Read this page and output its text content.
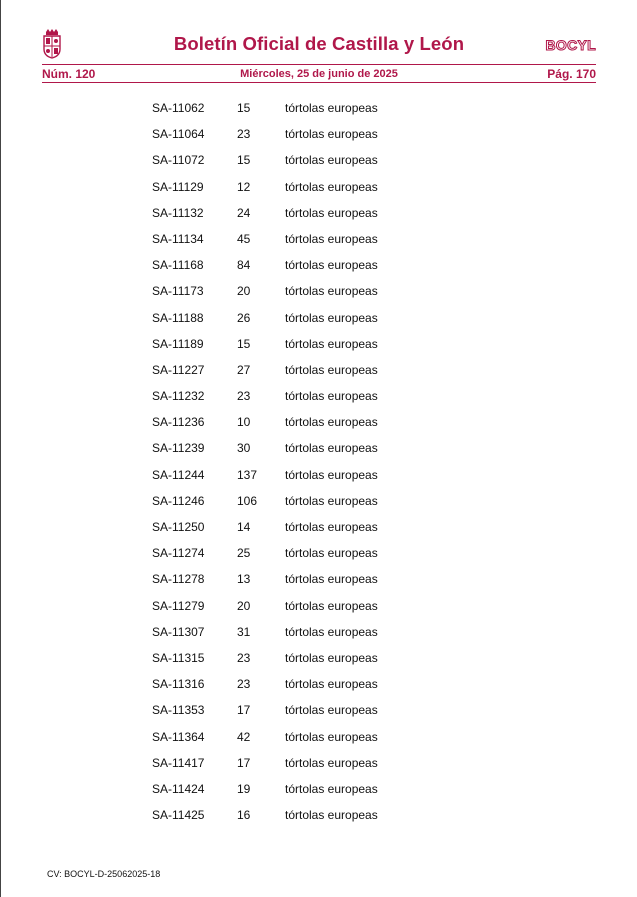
Boletín Oficial de Castilla y León	BOCYL
Núm. 120	Miércoles, 25 de junio de 2025	Pág. 170
SA-11062	15	tórtolas europeas
SA-11064	23	tórtolas europeas
SA-11072	15	tórtolas europeas
SA-11129	12	tórtolas europeas
SA-11132	24	tórtolas europeas
SA-11134	45	tórtolas europeas
SA-11168	84	tórtolas europeas
SA-11173	20	tórtolas europeas
SA-11188	26	tórtolas europeas
SA-11189	15	tórtolas europeas
SA-11227	27	tórtolas europeas
SA-11232	23	tórtolas europeas
SA-11236	10	tórtolas europeas
SA-11239	30	tórtolas europeas
SA-11244	137 tórtolas europeas
SA-11246	106 tórtolas europeas
SA-11250	14	tórtolas europeas
SA-11274	25	tórtolas europeas
SA-11278	13	tórtolas europeas
SA-11279	20	tórtolas europeas
SA-11307	31	tórtolas europeas
SA-11315	23	tórtolas europeas
SA-11316	23	tórtolas europeas
SA-11353	17	tórtolas europeas
SA-11364	42	tórtolas europeas
SA-11417	17	tórtolas europeas
SA-11424	19	tórtolas europeas
SA-11425	16	tórtolas europeas
CV: BOCYL-D-25062025-18
